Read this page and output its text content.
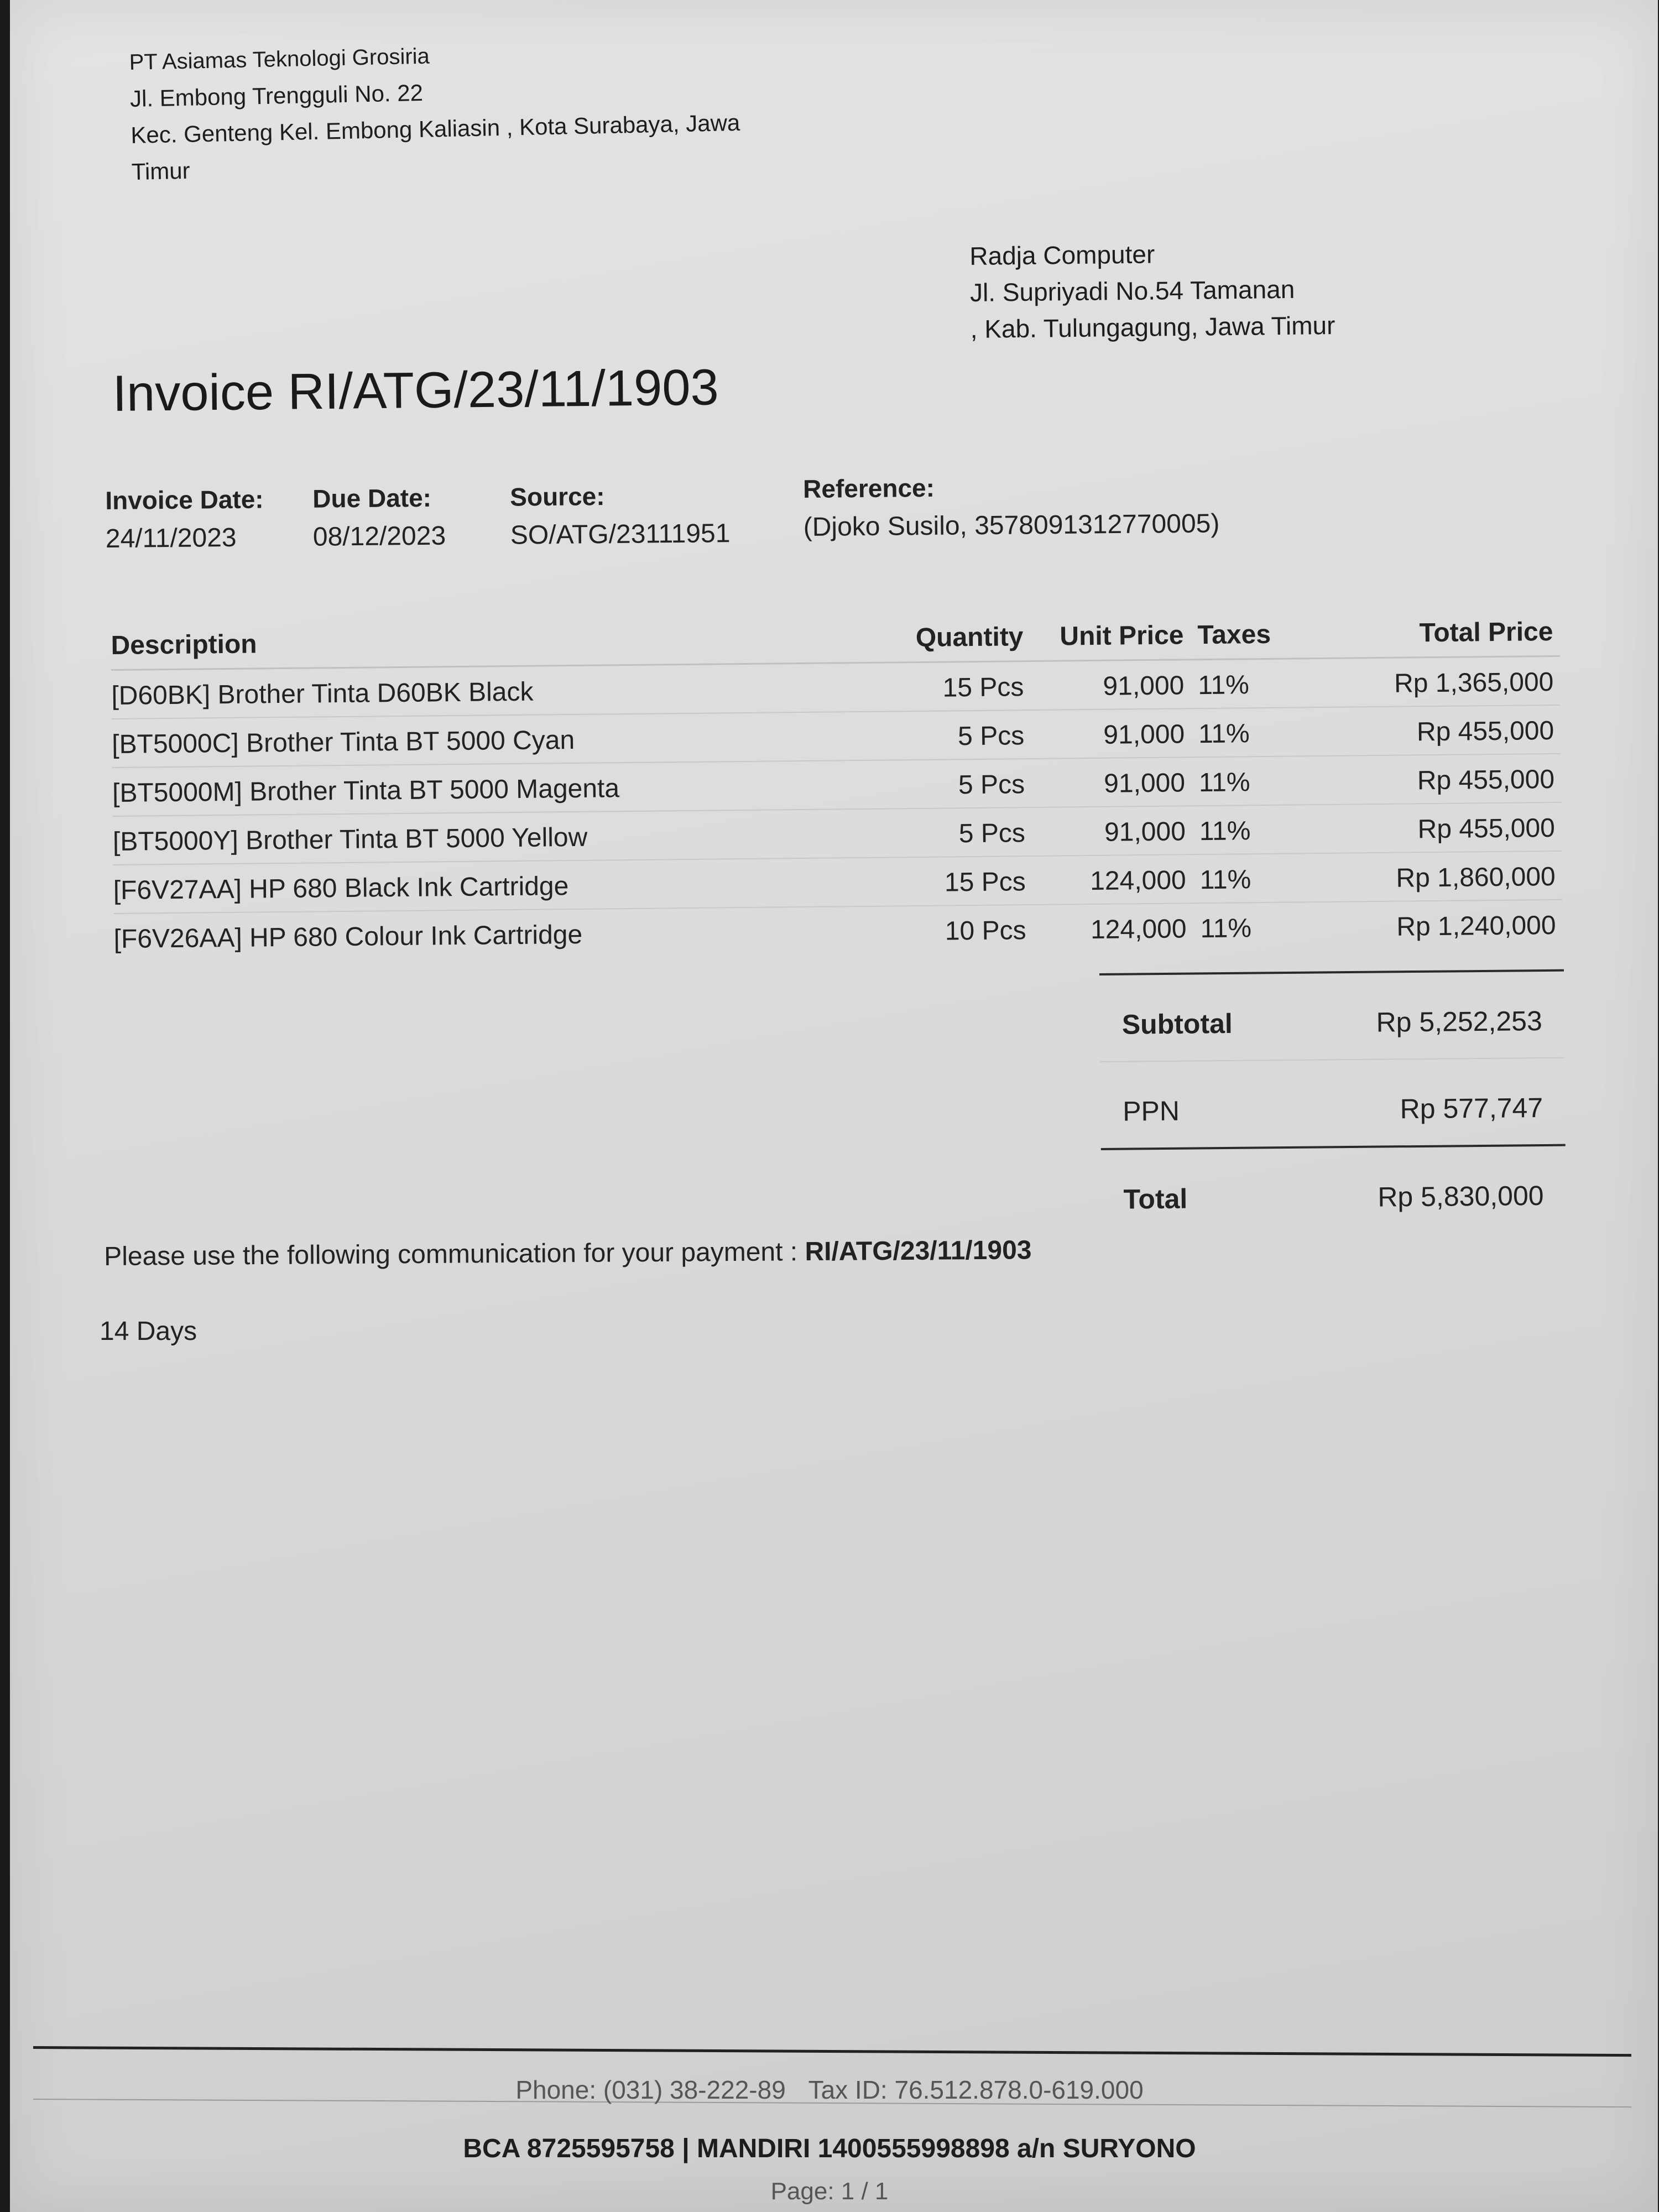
PT Asiamas Teknologi Grosiria
Jl. Embong Trengguli No. 22
Kec. Genteng Kel. Embong Kaliasin , Kota Surabaya, Jawa
Timur
Radja Computer
Jl. Supriyadi No.54 Tamanan
, Kab. Tulungagung, Jawa Timur
Invoice RI/ATG/23/11/1903
Invoice Date:
24/11/2023
Due Date:
08/12/2023
Source:
SO/ATG/23111951
Reference:
(Djoko Susilo, 3578091312770005)
Description	Quantity Unit Price Taxes	Total Price
[D60BK] Brother Tinta D60BK Black	15 Pcs	91,000 11%	Rp 1,365,000
[BT5000C] Brother Tinta BT 5000 Cyan	5 Pcs	91,000 11%	Rp 455,000
[BT5000M] Brother Tinta BT 5000 Magenta	5 Pcs	91,000 11%	Rp 455,000
[BT5000Y] Brother Tinta BT 5000 Yellow	5 Pcs	91,000 11%	Rp 455,000
[F6V27AA] HP 680 Black Ink Cartridge	15 Pcs 124,000 11%	Rp 1,860,000
[F6V26AA] HP 680 Colour Ink Cartridge	10 Pcs 124,000 11%	Rp 1,240,000
Subtotal	Rp 5,252,253
PPN	Rp 577,747
Total	Rp 5,830,000
Please use the following communication for your payment : RI/ATG/23/11/1903
14 Days
Phone: (031) 38-222-89 Tax ID: 76.512.878.0-619.000
BCA 8725595758 | MANDIRI 1400555998898 a/n SURYONO
Page: 1 / 1
